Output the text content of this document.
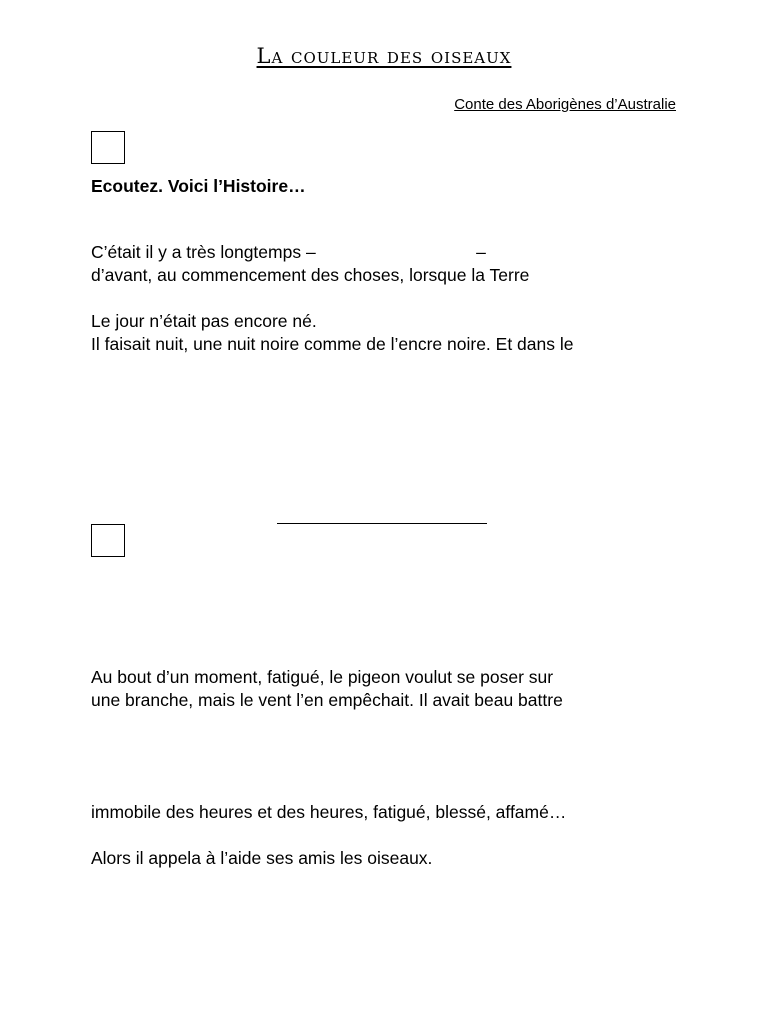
La couleur des oiseaux
Conte des Aborigènes d’Australie
Ecoutez. Voici l’Histoire…
C’était il y a très longtemps –                                 –
d’avant, au commencement des choses, lorsque la Terre
Le jour n’était pas encore né.
Il faisait nuit, une nuit noire comme de l’encre noire. Et dans le
Au bout d’un moment, fatigué, le pigeon voulut se poser sur
une branche, mais le vent l’en empêchait. Il avait beau battre
immobile des heures et des heures, fatigué, blessé, affamé…
Alors il appela à l’aide ses amis les oiseaux.
